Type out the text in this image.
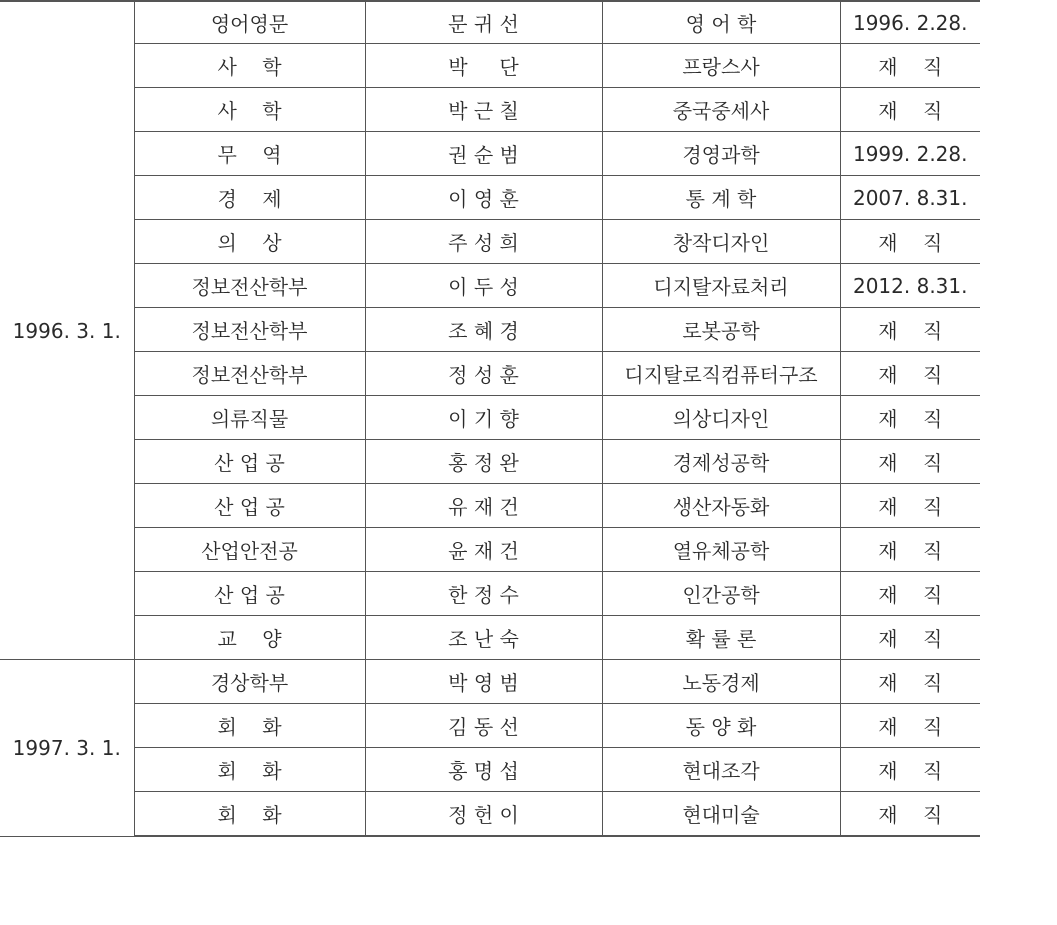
1996. 3. 1.	영어영문	문 귀 선	영 어 학	1996. 2.28.
	사    학	박     단	프랑스사	재    직
	사    학	박 근 칠	중국중세사	재    직
	무    역	권 순 범	경영과학	1999. 2.28.
	경    제	이 영 훈	통 계 학	2007. 8.31.
	의    상	주 성 희	창작디자인	재    직
	정보전산학부	이 두 성	디지탈자료처리	2012. 8.31.
	정보전산학부	조 혜 경	로봇공학	재    직
	정보전산학부	정 성 훈	디지탈로직컴퓨터구조	재    직
	의류직물	이 기 향	의상디자인	재    직
	산 업 공	홍 정 완	경제성공학	재    직
	산 업 공	유 재 건	생산자동화	재    직
	산업안전공	윤 재 건	열유체공학	재    직
	산 업 공	한 정 수	인간공학	재    직
	교    양	조 난 숙	확 률 론	재    직
1997. 3. 1.	경상학부	박 영 범	노동경제	재    직
	회    화	김 동 선	동 양 화	재    직
	회    화	홍 명 섭	현대조각	재    직
	회    화	정 헌 이	현대미술	재    직
